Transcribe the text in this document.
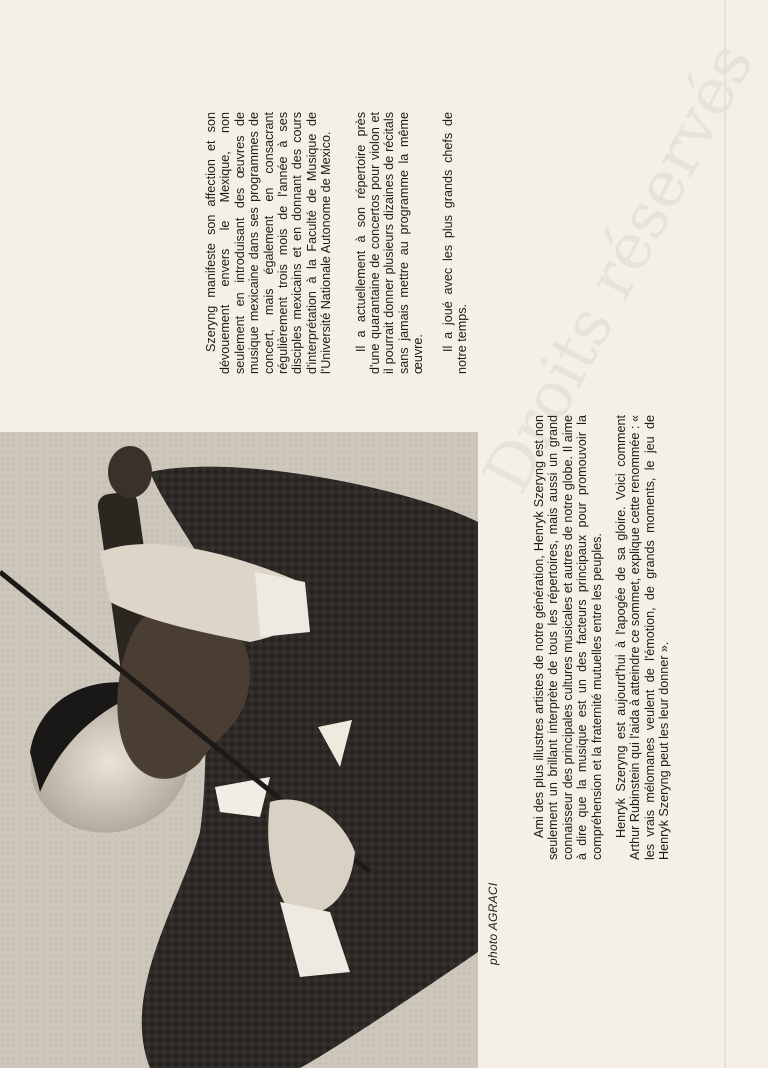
Szeryng manifeste son affection et son dévouement envers le Mexique, non seulement en introduisant des œuvres de musique mexicaine dans ses programmes de concert, mais également en consacrant régulièrement trois mois de l'année à ses disciples mexicains et en donnant des cours d'interprétation à la Faculté de Musique de l'Université Nationale Autonome de Mexico. Il a actuellement à son répertoire près d'une quarantaine de concertos pour violon et il pourrait donner plusieurs dizaines de récitals sans jamais mettre au programme la même œuvre.

Il a joué avec les plus grands chefs de notre temps.

Ami des plus illustres artistes de notre génération, Henryk Szeryng est non seulement un brillant interprète de tous les répertoires, mais aussi un grand connaisseur des principales cultures musicales et autres de notre globe. Il aime à dire que la musique est un des facteurs principaux pour promouvoir la compréhension et la fraternité mutuelles entre les peuples. Henryk Szeryng est aujourd'hui à l'apogée de sa gloire. Voici comment Arthur Rubinstein qui l'aida à atteindre ce sommet, explique cette renommée : « les vrais mélomanes veulent de l'émotion, de grands moments, le jeu de Henryk Szeryng peut les leur donner ».

photo AGRACI
Droits réservés
